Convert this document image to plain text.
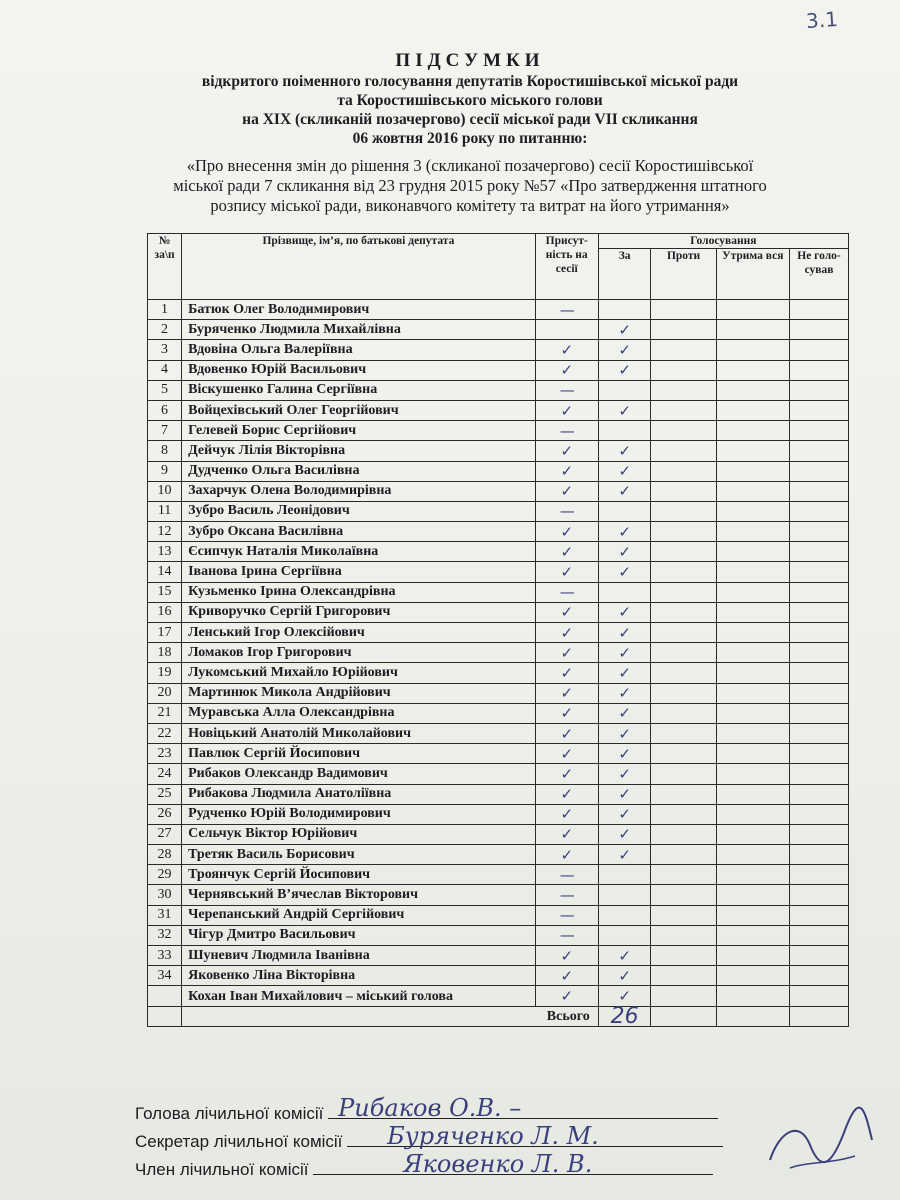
3.1

ПІДСУМКИ

відкритого поіменного голосування депутатів Коростишівської міської ради

та Коростишівського міського голови

на XIX (скликаній позачергово) сесії міської ради VII скликання

06 жовтня 2016 року по питанню:

«Про внесення змін до рішення 3 (скликаної позачергово) сесії Коростишівської
міської ради 7 скликання від 23 грудня 2015 року №57 «Про затвердження штатного
розпису міської ради, виконавчого комітету та витрат на його утримання»
№ за\п	Прізвище, ім’я, по батькові депутата	Присут-ність на сесії	Голосування			
			За	Проти	Утрима вся	Не голо-сував
1	Батюк Олег Володимирович	—				
2	Буряченко Людмила Михайлівна		✓			
3	Вдовіна Ольга Валеріївна	✓	✓			
4	Вдовенко Юрій Васильович	✓	✓			
5	Віскушенко Галина Сергіївна	—				
6	Войцехівський Олег Георгійович	✓	✓			
7	Гелевей Борис Сергійович	—				
8	Дейчук Лілія Вікторівна	✓	✓			
9	Дудченко Ольга Василівна	✓	✓			
10	Захарчук Олена Володимирівна	✓	✓			
11	Зубро Василь Леонідович	—				
12	Зубро Оксана Василівна	✓	✓			
13	Єсипчук Наталія Миколаївна	✓	✓			
14	Іванова Ірина Сергіївна	✓	✓			
15	Кузьменко Ірина Олександрівна	—				
16	Криворучко Сергій Григорович	✓	✓			
17	Ленський Ігор Олексійович	✓	✓			
18	Ломаков Ігор Григорович	✓	✓			
19	Лукомський Михайло Юрійович	✓	✓			
20	Мартинюк Микола Андрійович	✓	✓			
21	Муравська Алла Олександрівна	✓	✓			
22	Новіцький Анатолій Миколайович	✓	✓			
23	Павлюк Сергій Йосипович	✓	✓			
24	Рибаков Олександр Вадимович	✓	✓			
25	Рибакова Людмила Анатоліївна	✓	✓			
26	Рудченко Юрій Володимирович	✓	✓			
27	Сельчук Віктор Юрійович	✓	✓			
28	Третяк Василь Борисович	✓	✓			
29	Троянчук Сергій Йосипович	—				
30	Чернявський В’ячеслав Вікторович	—				
31	Черепанський Андрій Сергійович	—				
32	Чігур Дмитро Васильович	—				
33	Шуневич Людмила Іванівна	✓	✓			
34	Яковенко Ліна Вікторівна	✓	✓			
	Кохан Іван Михайлович – міський голова	✓	✓			
	Всього		26			
Голова лічильної комісії Рибаков О.В. –
Секретар лічильної комісії Буряченко Л. М.
Член лічильної комісії	Яковенко Л. В.
